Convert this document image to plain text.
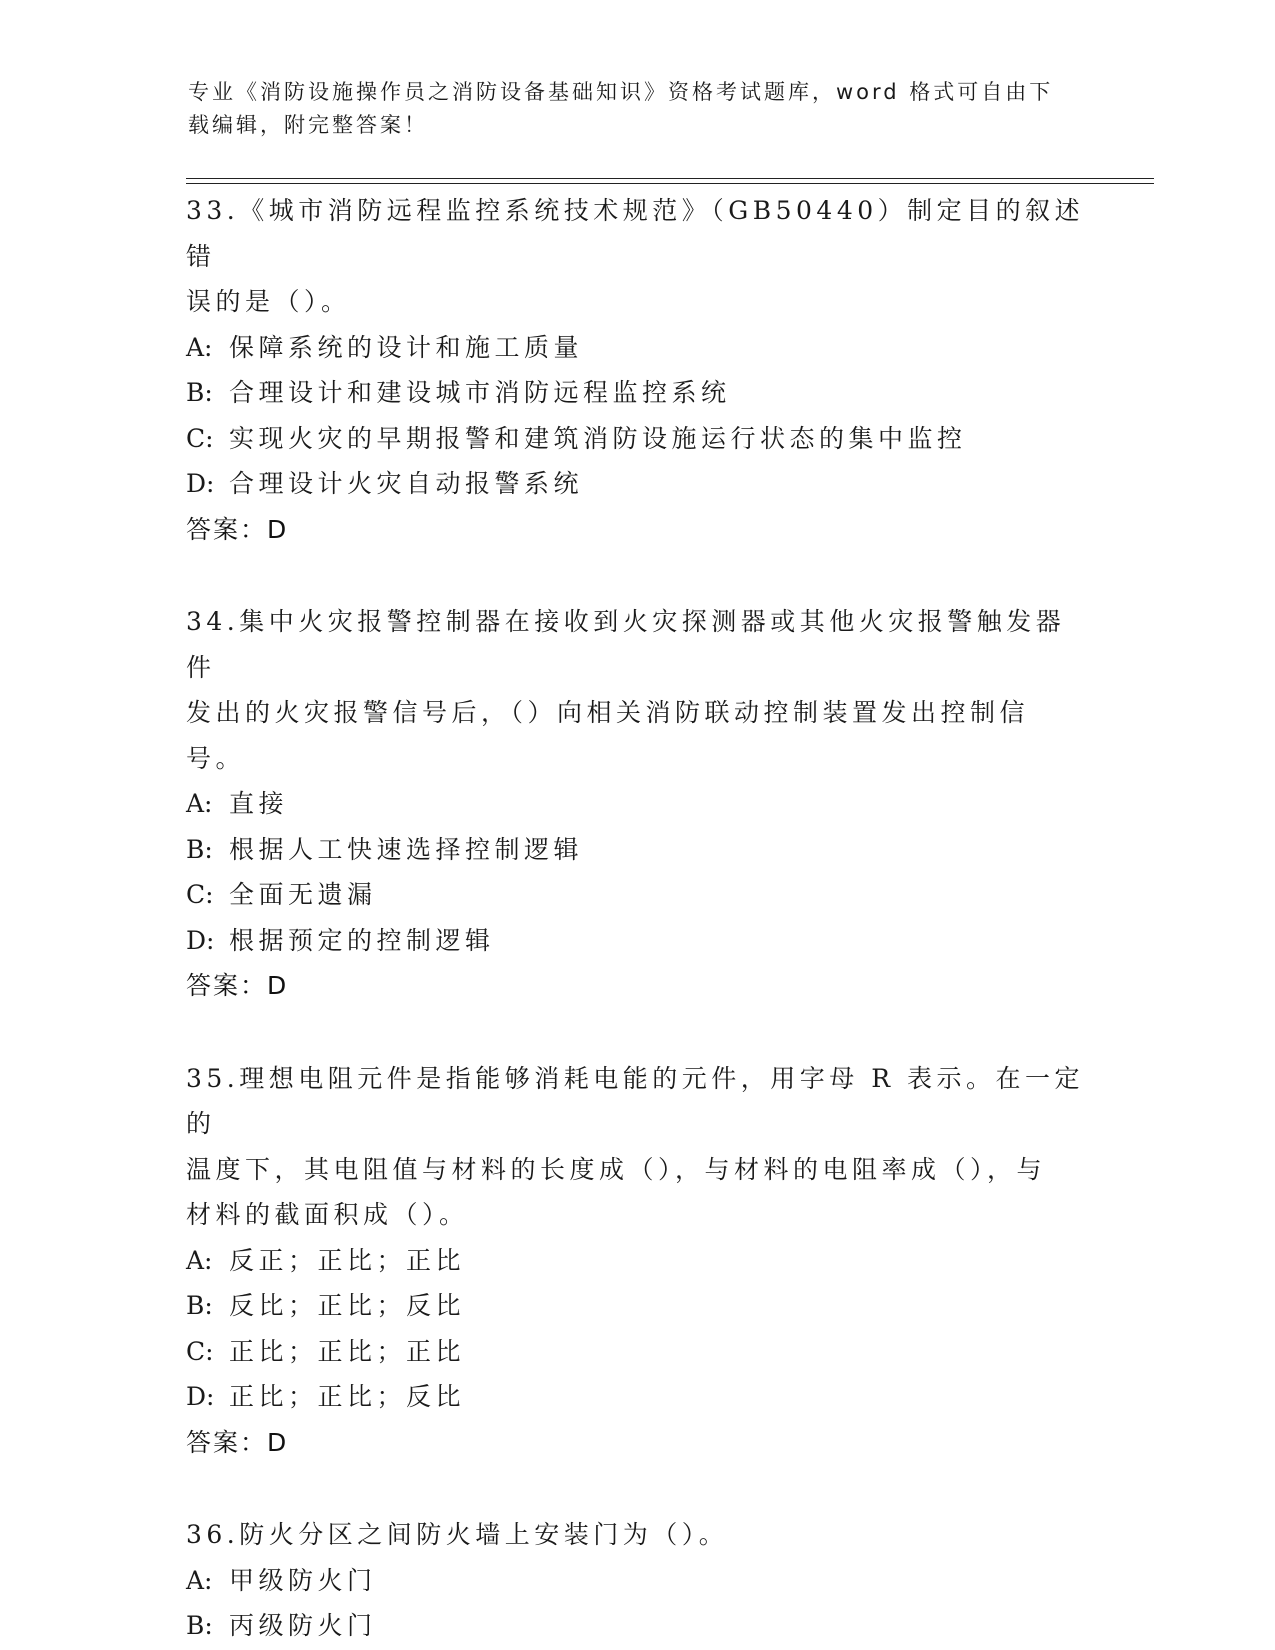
专业《消防设施操作员之消防设备基础知识》资格考试题库，word 格式可自由下
载编辑，附完整答案！
33.《城市消防远程监控系统技术规范》（GB50440）制定目的叙述错
误的是（）。
A: 保障系统的设计和施工质量
B: 合理设计和建设城市消防远程监控系统
C: 实现火灾的早期报警和建筑消防设施运行状态的集中监控
D: 合理设计火灾自动报警系统
答案：D
34.集中火灾报警控制器在接收到火灾探测器或其他火灾报警触发器件
发出的火灾报警信号后，（）向相关消防联动控制装置发出控制信号。
A: 直接
B: 根据人工快速选择控制逻辑
C: 全面无遗漏
D: 根据预定的控制逻辑
答案：D
35.理想电阻元件是指能够消耗电能的元件，用字母 R 表示。在一定的
温度下，其电阻值与材料的长度成（），与材料的电阻率成（），与
材料的截面积成（）。
A: 反正；正比；正比
B: 反比；正比；反比
C: 正比；正比；正比
D: 正比；正比；反比
答案：D
36.防火分区之间防火墙上安装门为（）。
A: 甲级防火门
B: 丙级防火门
